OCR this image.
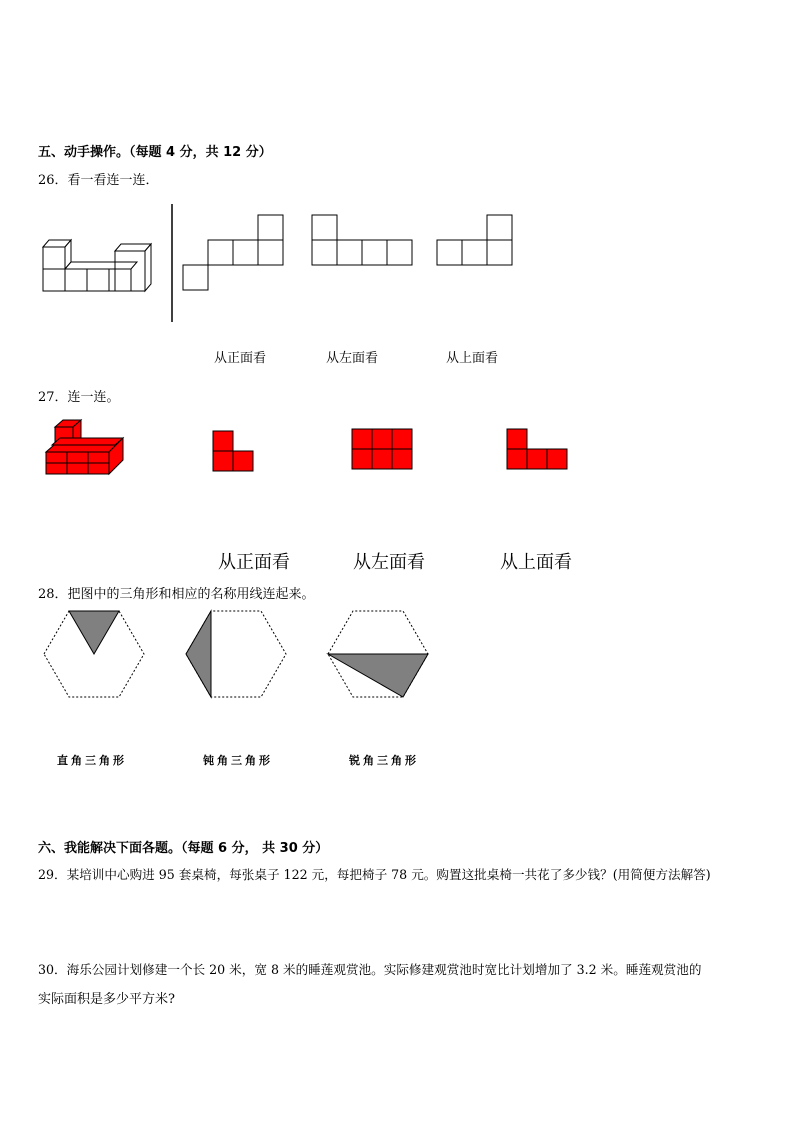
五、动手操作。（每题 4 分，共 12 分）
26．看一看连一连．
从正面看	从左面看	从上面看
27．连一连。
从正面看	从左面看	从上面看
28．把图中的三角形和相应的名称用线连起来。
直角三角形	钝角三角形	锐角三角形
六、我能解决下面各题。（每题 6 分， 共 30 分）
29．某培训中心购进 95 套桌椅，每张桌子 122 元，每把椅子 78 元。购置这批桌椅一共花了多少钱？(用简便方法解答)
30．海乐公园计划修建一个长 20 米，宽 8 米的睡莲观赏池。实际修建观赏池时宽比计划增加了 3.2 米。睡莲观赏池的
实际面积是多少平方米?
